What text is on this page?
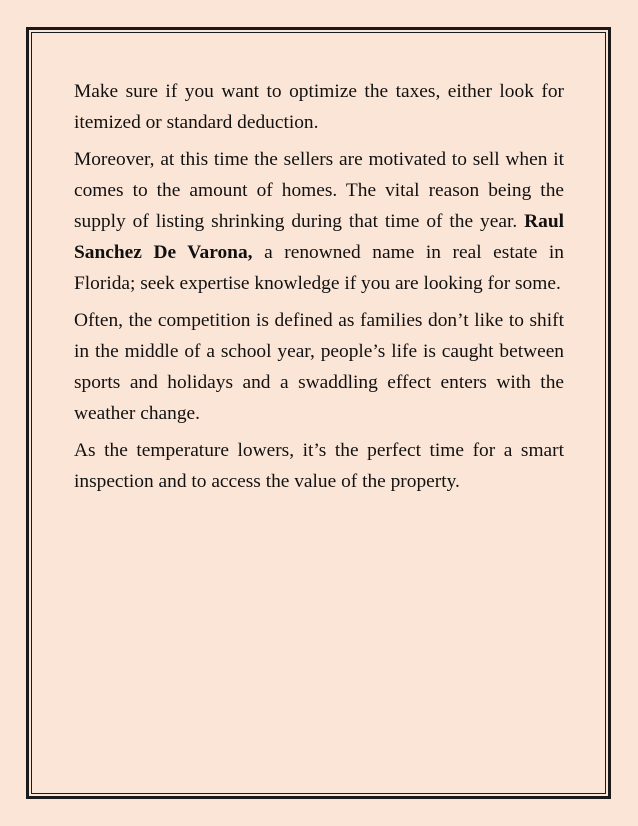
Make sure if you want to optimize the taxes, either look for itemized or standard deduction.

Moreover, at this time the sellers are motivated to sell when it comes to the amount of homes. The vital reason being the supply of listing shrinking during that time of the year. Raul Sanchez De Varona, a renowned name in real estate in Florida; seek expertise knowledge if you are looking for some.

Often, the competition is defined as families don’t like to shift in the middle of a school year, people’s life is caught between sports and holidays and a swaddling effect enters with the weather change.

As the temperature lowers, it’s the perfect time for a smart inspection and to access the value of the property.
